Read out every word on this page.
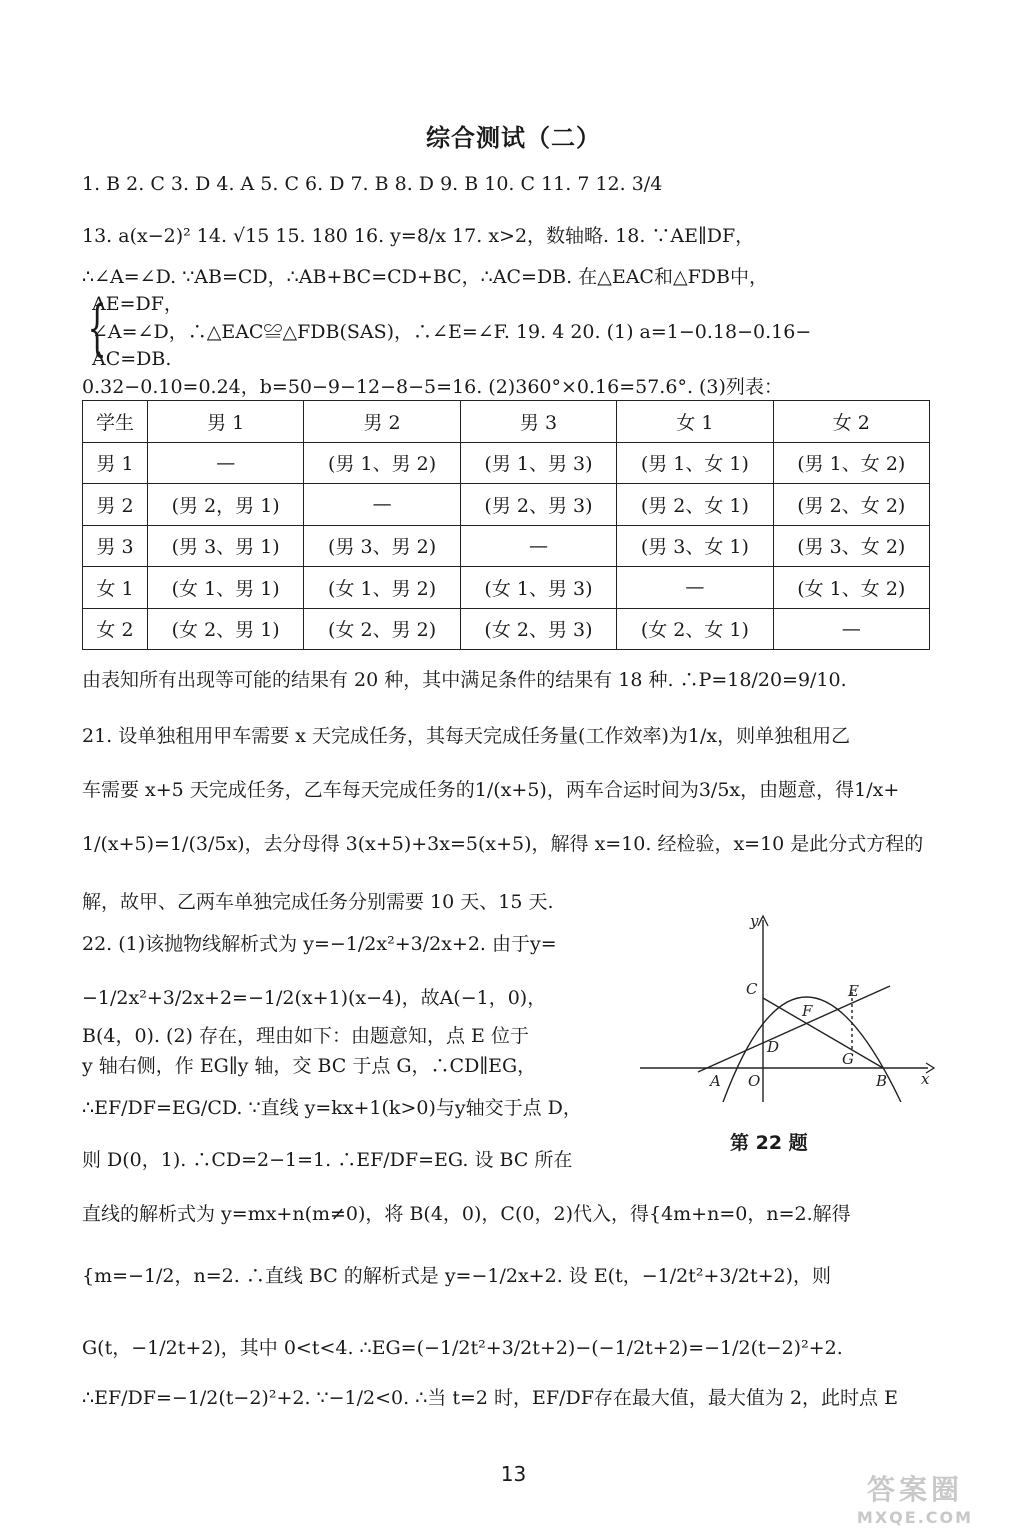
综合测试（二）
1. B 2. C 3. D 4. A 5. C 6. D 7. B 8. D 9. B 10. C 11. 7 12. 3/4
13. a(x−2)² 14. √15 15. 180 16. y=8/x 17. x>2，数轴略. 18. ∵AE∥DF，
∴∠A=∠D. ∵AB=CD，∴AB+BC=CD+BC，∴AC=DB. 在△EAC和△FDB中，
{
AE=DF，
∠A=∠D，∴△EAC≌△FDB(SAS)，∴∠E=∠F. 19. 4 20. (1) a=1−0.18−0.16−
AC=DB.
0.32−0.10=0.24，b=50−9−12−8−5=16. (2)360°×0.16=57.6°. (3)列表：
学生	男 1	男 2	男 3	女 1	女 2
男 1	—	(男 1、男 2)	(男 1、男 3)	(男 1、女 1)	(男 1、女 2)
男 2	(男 2，男 1)	—	(男 2、男 3)	(男 2、女 1)	(男 2、女 2)
男 3	(男 3、男 1)	(男 3、男 2)	—	(男 3、女 1)	(男 3、女 2)
女 1	(女 1、男 1)	(女 1、男 2)	(女 1、男 3)	—	(女 1、女 2)
女 2	(女 2、男 1)	(女 2、男 2)	(女 2、男 3)	(女 2、女 1)	—
由表知所有出现等可能的结果有 20 种，其中满足条件的结果有 18 种. ∴P=18/20=9/10.
21. 设单独租用甲车需要 x 天完成任务，其每天完成任务量(工作效率)为1/x，则单独租用乙
车需要 x+5 天完成任务，乙车每天完成任务的1/(x+5)，两车合运时间为3/5x，由题意，得1/x+
1/(x+5)=1/(3/5x)，去分母得 3(x+5)+3x=5(x+5)，解得 x=10. 经检验，x=10 是此分式方程的
解，故甲、乙两车单独完成任务分别需要 10 天、15 天.
22. (1)该抛物线解析式为 y=−1/2x²+3/2x+2. 由于y=
−1/2x²+3/2x+2=−1/2(x+1)(x−4)，故A(−1，0)，
B(4，0). (2) 存在，理由如下：由题意知，点 E 位于
y 轴右侧，作 EG∥y 轴，交 BC 于点 G，∴CD∥EG，
∴EF/DF=EG/CD. ∵直线 y=kx+1(k>0)与y轴交于点 D，
则 D(0，1). ∴CD=2−1=1. ∴EF/DF=EG. 设 BC 所在
y
x
O
A	B
C
D
E
F
G
第 22 题
直线的解析式为 y=mx+n(m≠0)，将 B(4，0)，C(0，2)代入，得{4m+n=0，n=2.解得
{m=−1/2，n=2. ∴直线 BC 的解析式是 y=−1/2x+2. 设 E(t，−1/2t²+3/2t+2)，则
G(t，−1/2t+2)，其中 0<t<4. ∴EG=(−1/2t²+3/2t+2)−(−1/2t+2)=−1/2(t−2)²+2.
∴EF/DF=−1/2(t−2)²+2. ∵−1/2<0. ∴当 t=2 时，EF/DF存在最大值，最大值为 2，此时点 E
13	答案圈
MXQE.COM
